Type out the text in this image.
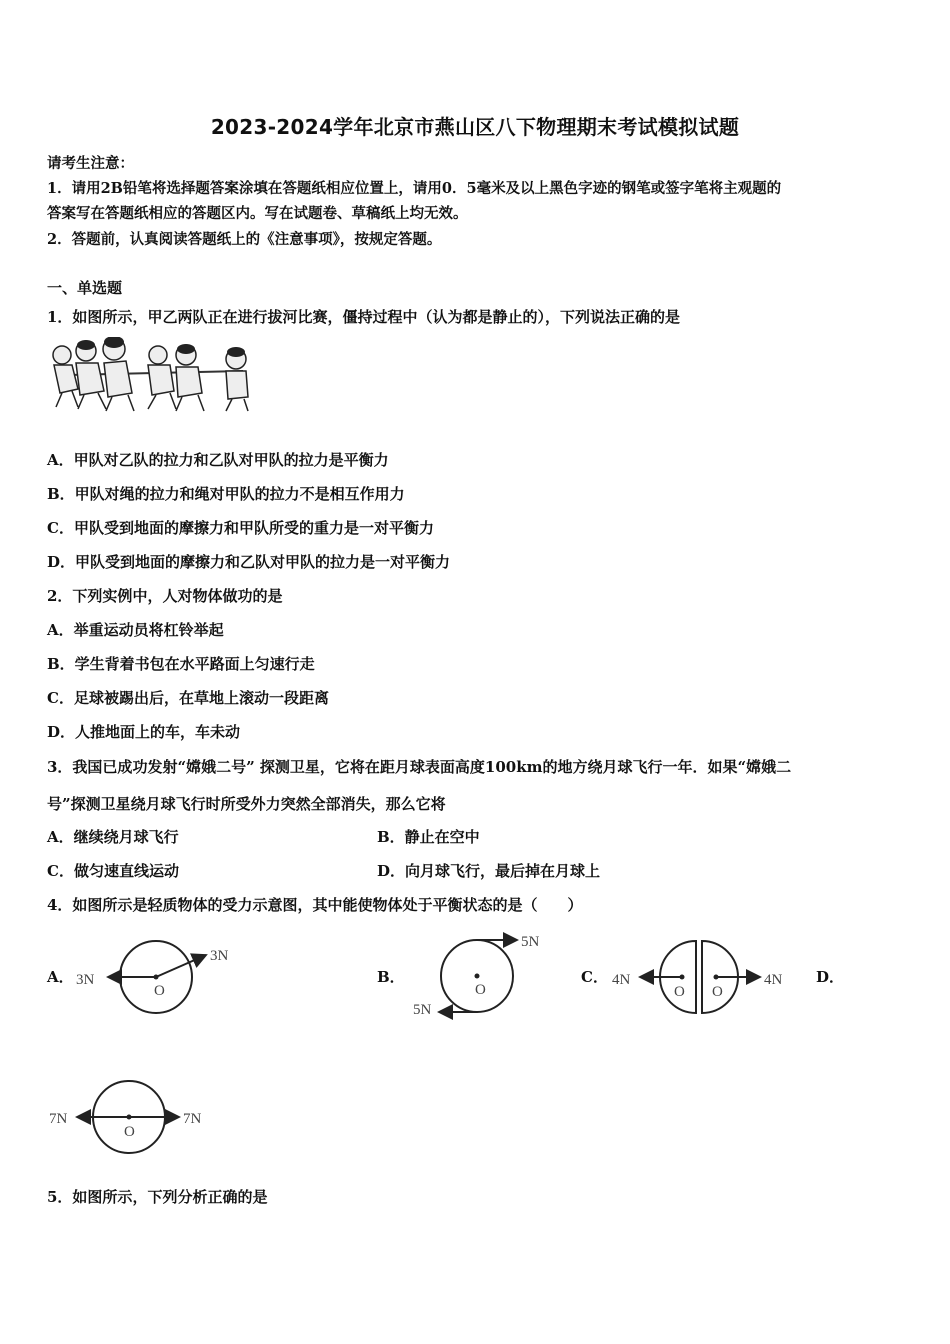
2023-2024学年北京市燕山区八下物理期末考试模拟试题
请考生注意：
1．请用2B铅笔将选择题答案涂填在答题纸相应位置上，请用0．5毫米及以上黑色字迹的钢笔或签字笔将主观题的
答案写在答题纸相应的答题区内。写在试题卷、草稿纸上均无效。
2．答题前，认真阅读答题纸上的《注意事项》，按规定答题。
一、单选题
1．如图所示，甲乙两队正在进行拔河比赛，僵持过程中（认为都是静止的），下列说法正确的是
A．甲队对乙队的拉力和乙队对甲队的拉力是平衡力
B．甲队对绳的拉力和绳对甲队的拉力不是相互作用力
C．甲队受到地面的摩擦力和甲队所受的重力是一对平衡力
D．甲队受到地面的摩擦力和乙队对甲队的拉力是一对平衡力
2．下列实例中，人对物体做功的是
A．举重运动员将杠铃举起
B．学生背着书包在水平路面上匀速行走
C．足球被踢出后，在草地上滚动一段距离
D．人推地面上的车，车未动
3．我国已成功发射“嫦娥二号” 探测卫星，它将在距月球表面高度100km的地方绕月球飞行一年．如果“嫦娥二
号”探测卫星绕月球飞行时所受外力突然全部消失，那么它将
A．继续绕月球飞行	B．静止在空中
C．做匀速直线运动	D．向月球飞行，最后掉在月球上
4．如图所示是轻质物体的受力示意图，其中能使物体处于平衡状态的是（　　）
A． 3N
3N
O
B．
5N
5N
O
C． 4N	4N
O O
D．
7N	7N
O
5．如图所示，下列分析正确的是
